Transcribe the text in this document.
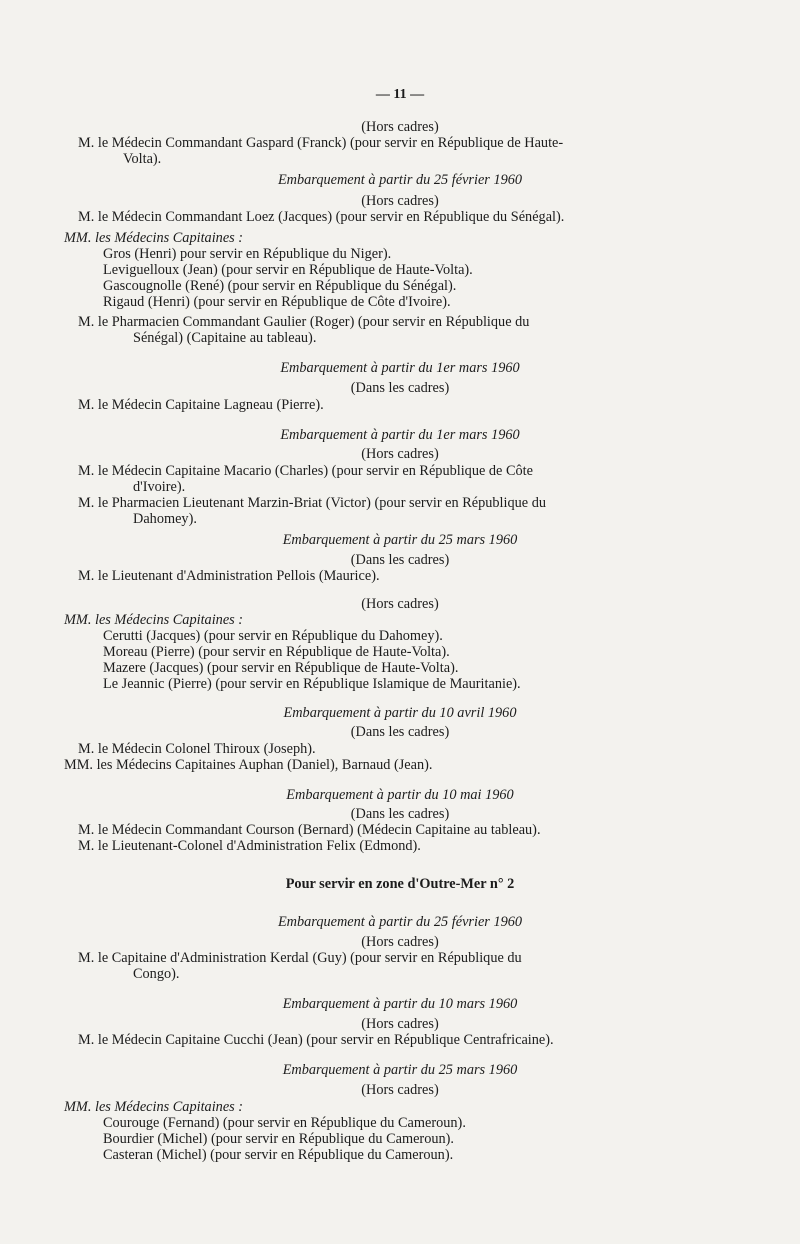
— 11 —
(Hors cadres)
M. le Médecin Commandant Gaspard (Franck) (pour servir en République de Haute-
Volta).
Embarquement à partir du 25 février 1960
(Hors cadres)
M. le Médecin Commandant Loez (Jacques) (pour servir en République du Sénégal).
MM. les Médecins Capitaines :
Gros (Henri) pour servir en République du Niger).
Leviguelloux (Jean) (pour servir en République de Haute-Volta).
Gascougnolle (René) (pour servir en République du Sénégal).
Rigaud (Henri) (pour servir en République de Côte d'Ivoire).
M. le Pharmacien Commandant Gaulier (Roger) (pour servir en République du
Sénégal) (Capitaine au tableau).
Embarquement à partir du 1er mars 1960
(Dans les cadres)
M. le Médecin Capitaine Lagneau (Pierre).
Embarquement à partir du 1er mars 1960
(Hors cadres)
M. le Médecin Capitaine Macario (Charles) (pour servir en République de Côte
d'Ivoire).
M. le Pharmacien Lieutenant Marzin-Briat (Victor) (pour servir en République du
Dahomey).
Embarquement à partir du 25 mars 1960
(Dans les cadres)
M. le Lieutenant d'Administration Pellois (Maurice).
(Hors cadres)
MM. les Médecins Capitaines :
Cerutti (Jacques) (pour servir en République du Dahomey).
Moreau (Pierre) (pour servir en République de Haute-Volta).
Mazere (Jacques) (pour servir en République de Haute-Volta).
Le Jeannic (Pierre) (pour servir en République Islamique de Mauritanie).
Embarquement à partir du 10 avril 1960
(Dans les cadres)
M. le Médecin Colonel Thiroux (Joseph).
MM. les Médecins Capitaines Auphan (Daniel), Barnaud (Jean).
Embarquement à partir du 10 mai 1960
(Dans les cadres)
M. le Médecin Commandant Courson (Bernard) (Médecin Capitaine au tableau).
M. le Lieutenant-Colonel d'Administration Felix (Edmond).
Pour servir en zone d'Outre-Mer n° 2
Embarquement à partir du 25 février 1960
(Hors cadres)
M. le Capitaine d'Administration Kerdal (Guy) (pour servir en République du
Congo).
Embarquement à partir du 10 mars 1960
(Hors cadres)
M. le Médecin Capitaine Cucchi (Jean) (pour servir en République Centrafricaine).
Embarquement à partir du 25 mars 1960
(Hors cadres)
MM. les Médecins Capitaines :
Courouge (Fernand) (pour servir en République du Cameroun).
Bourdier (Michel) (pour servir en République du Cameroun).
Casteran (Michel) (pour servir en République du Cameroun).
